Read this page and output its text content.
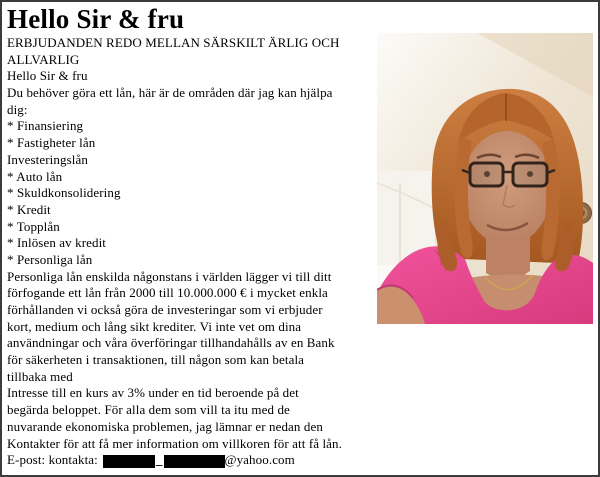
Hello Sir & fru
ERBJUDANDEN REDO MELLAN SÄRSKILT ÄRLIG OCH
ALLVARLIG
Hello Sir & fru
Du behöver göra ett lån, här är de områden där jag kan hjälpa
dig:
* Finansiering
* Fastigheter lån
Investeringslån
* Auto lån
* Skuldkonsolidering
* Kredit
* Topplån
* Inlösen av kredit
* Personliga lån
Personliga lån enskilda någonstans i världen lägger vi till ditt
förfogande ett lån från 2000 till 10.000.000 € i mycket enkla
förhållanden vi också göra de investeringar som vi erbjuder
kort, medium och lång sikt krediter. Vi inte vet om dina
användningar och våra överföringar tillhandahålls av en Bank
för säkerheten i transaktionen, till någon som kan betala
tillbaka med
Intresse till en kurs av 3% under en tid beroende på det
begärda beloppet. För alla dem som vill ta itu med de
nuvarande ekonomiska problemen, jag lämnar er nedan den
Kontakter för att få mer information om villkoren för att få lån.
E-post: kontakta:	_	@yahoo.com
